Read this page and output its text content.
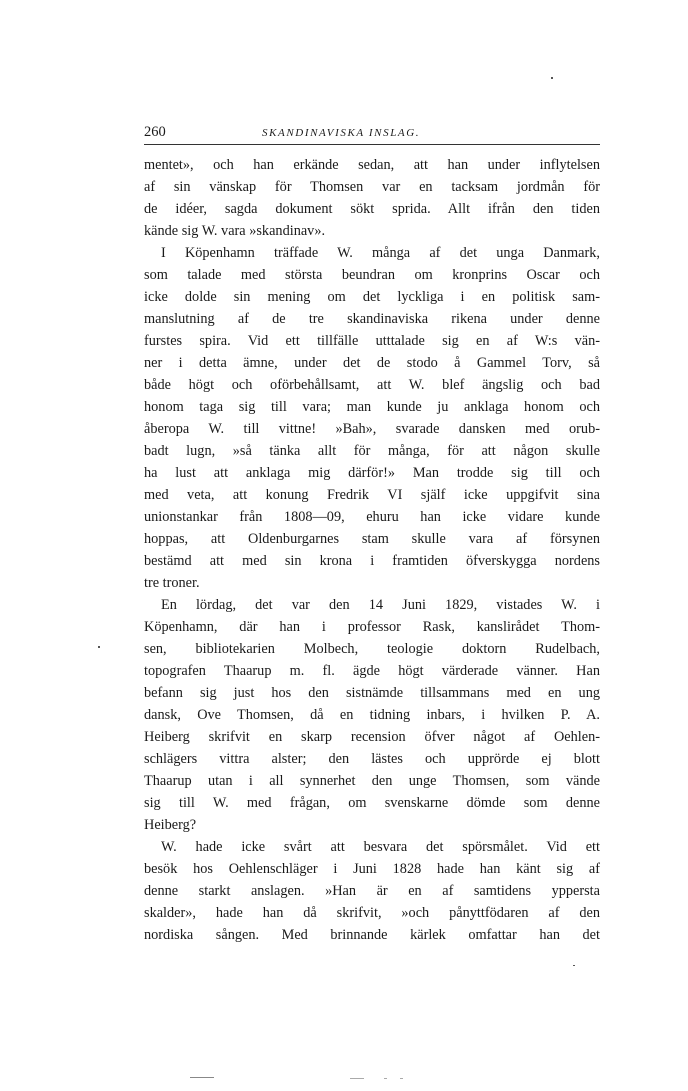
260	SKANDINAVISKA INSLAG.
mentet», och han erkände sedan, att han under inflytelsen
af sin vänskap för Thomsen var en tacksam jordmån för
de idéer, sagda dokument sökt sprida. Allt ifrån den tiden
kände sig W. vara »skandinav».
I Köpenhamn träffade W. många af det unga Danmark,
som talade med största beundran om kronprins Oscar och
icke dolde sin mening om det lyckliga i en politisk sam-
manslutning af de tre skandinaviska rikena under denne
furstes spira. Vid ett tillfälle utttalade sig en af W:s vän-
ner i detta ämne, under det de stodo å Gammel Torv, så
både högt och oförbehållsamt, att W. blef ängslig och bad
honom taga sig till vara; man kunde ju anklaga honom och
åberopa W. till vittne! »Bah», svarade dansken med orub-
badt lugn, »så tänka allt för många, för att någon skulle
ha lust att anklaga mig därför!» Man trodde sig till och
med veta, att konung Fredrik VI själf icke uppgifvit sina
unionstankar från 1808—09, ehuru han icke vidare kunde
hoppas, att Oldenburgarnes stam skulle vara af försynen
bestämd att med sin krona i framtiden öfverskygga nordens
tre troner.
En lördag, det var den 14 Juni 1829, vistades W. i
Köpenhamn, där han i professor Rask, kanslirådet Thom-
sen, bibliotekarien Molbech, teologie doktorn Rudelbach,
topografen Thaarup m. fl. ägde högt värderade vänner. Han
befann sig just hos den sistnämde tillsammans med en ung
dansk, Ove Thomsen, då en tidning inbars, i hvilken P. A.
Heiberg skrifvit en skarp recension öfver något af Oehlen-
schlägers vittra alster; den lästes och upprörde ej blott
Thaarup utan i all synnerhet den unge Thomsen, som vände
sig till W. med frågan, om svenskarne dömde som denne
Heiberg?
W. hade icke svårt att besvara det spörsmålet. Vid ett
besök hos Oehlenschläger i Juni 1828 hade han känt sig af
denne starkt anslagen. »Han är en af samtidens yppersta
skalder», hade han då skrifvit, »och pånyttfödaren af den
nordiska sången. Med brinnande kärlek omfattar han det
